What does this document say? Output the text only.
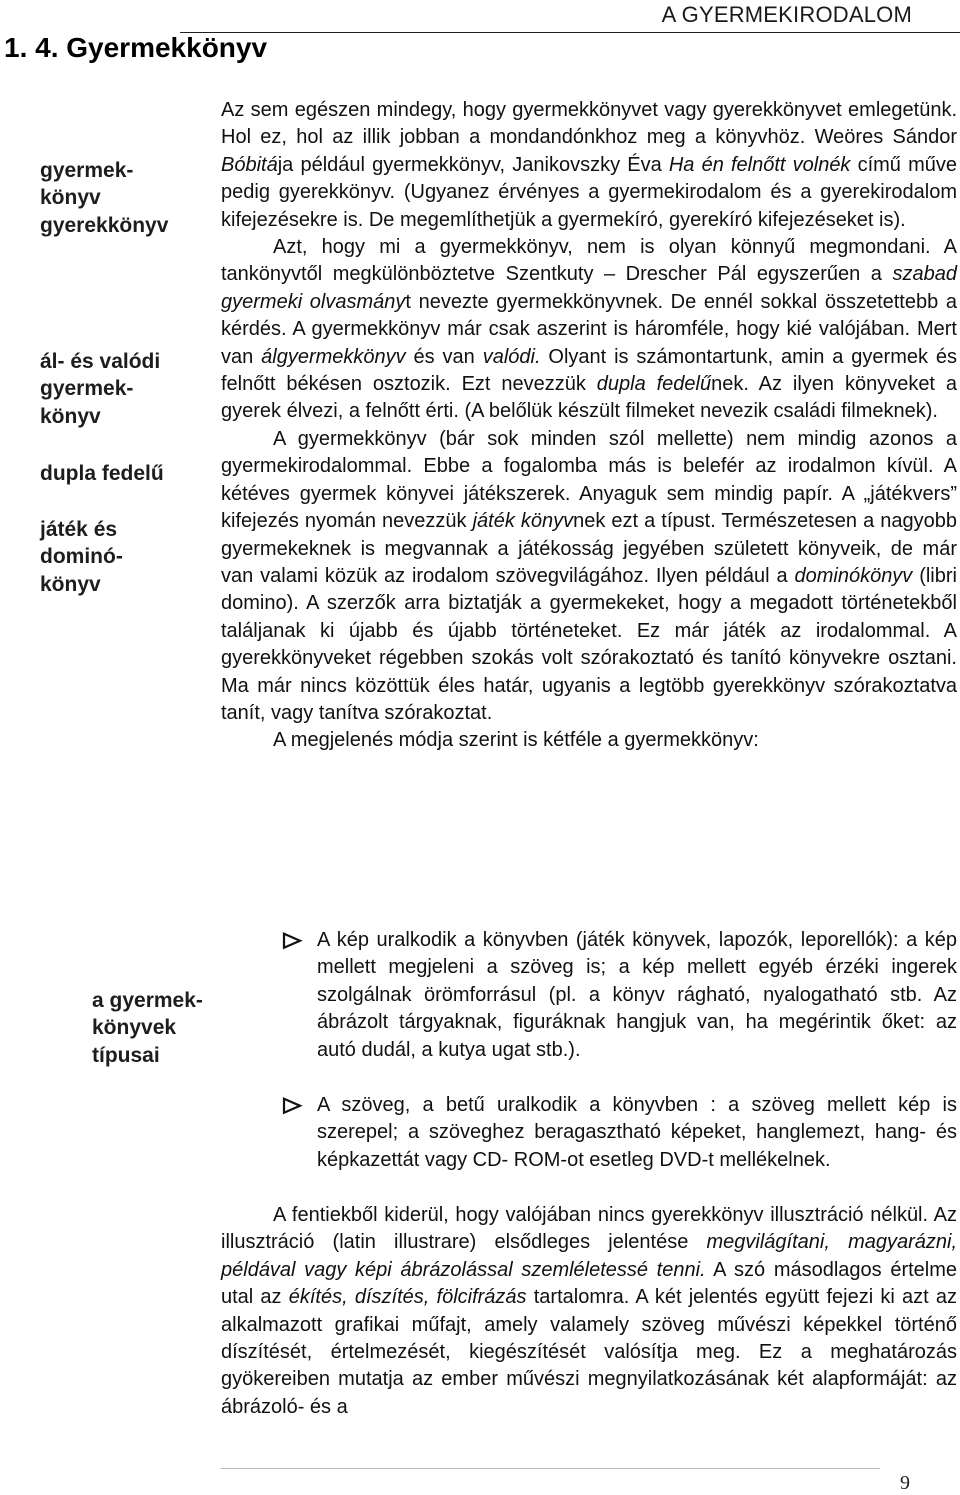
A GYERMEKIRODALOM
1. 4. Gyermekkönyv
gyermek-
könyv
gyerekkönyv
ál- és valódi
gyermek-
könyv
dupla fedelű
játék és
dominó-
könyv
a gyermek-
könyvek
típusai

Az sem egészen mindegy, hogy gyermekkönyvet vagy gyerekkönyvet emlegetünk. Hol ez, hol az illik jobban a mondandónkhoz meg a könyvhöz. Weöres Sándor Bóbitája például gyermekkönyv, Janikovszky Éva Ha én felnőtt volnék című műve pedig gyerekkönyv. (Ugyanez érvényes a gyermekirodalom és a gyerekirodalom kifejezésekre is. De megemlíthetjük a gyermekíró, gyerekíró kifejezéseket is).

Azt, hogy mi a gyermekkönyv, nem is olyan könnyű megmondani. A tankönyvtől megkülönböztetve Szentkuty – Drescher Pál egyszerűen a szabad gyermeki olvasmányt nevezte gyermekkönyvnek. De ennél sokkal összetettebb a kérdés. A gyermekkönyv már csak aszerint is háromféle, hogy kié valójában. Mert van álgyermekkönyv és van valódi. Olyant is számontartunk, amin a gyermek és felnőtt békésen osztozik. Ezt nevezzük dupla fedelűnek. Az ilyen könyveket a gyerek élvezi, a felnőtt érti. (A belőlük készült filmeket nevezik családi filmeknek).

A gyermekkönyv (bár sok minden szól mellette) nem mindig azonos a gyermekirodalommal. Ebbe a fogalomba más is belefér az irodalmon kívül. A kétéves gyermek könyvei játékszerek. Anyaguk sem mindig papír. A „játékvers” kifejezés nyomán nevezzük játék könyvnek ezt a típust. Természetesen a nagyobb gyermekeknek is megvannak a játékosság jegyében született könyveik, de már van valami közük az irodalom szövegvilágához. Ilyen például a dominókönyv (libri domino). A szerzők arra biztatják a gyermekeket, hogy a megadott történetekből találjanak ki újabb és újabb történeteket. Ez már játék az irodalommal. A gyerekkönyveket régebben szokás volt szórakoztató és tanító könyvekre osztani. Ma már nincs közöttük éles határ, ugyanis a legtöbb gyerekkönyv szórakoztatva tanít, vagy tanítva szórakoztat.

A megjelenés módja szerint is kétféle a gyermekkönyv:

A kép uralkodik a könyvben (játék könyvek, lapozók, leporellók): a kép mellett megjeleni a szöveg is; a kép mellett egyéb érzéki ingerek szolgálnak örömforrásul (pl. a könyv rágható, nyalogatható stb. Az ábrázolt tárgyaknak, figuráknak hangjuk van, ha megérintik őket: az autó dudál, a kutya ugat stb.).
A szöveg, a betű uralkodik a könyvben : a szöveg mellett kép is szerepel; a szöveghez beragasztható képeket, hanglemezt, hang- és képkazettát vagy CD- ROM-ot esetleg DVD-t mellékelnek.

A fentiekből kiderül, hogy valójában nincs gyerekkönyv illusztráció nélkül. Az illusztráció (latin illustrare) elsődleges jelentése megvilágítani, magyarázni, példával vagy képi ábrázolással szemléletessé tenni. A szó másodlagos értelme utal az ékítés, díszítés, fölcifrázás tartalomra. A két jelentés együtt fejezi ki azt az alkalmazott grafikai műfajt, amely valamely szöveg művészi képekkel történő díszítését, értelmezését, kiegészítését valósítja meg. Ez a meghatározás gyökereiben mutatja az ember művészi megnyilatkozásának két alapformáját: az ábrázoló- és a

9
